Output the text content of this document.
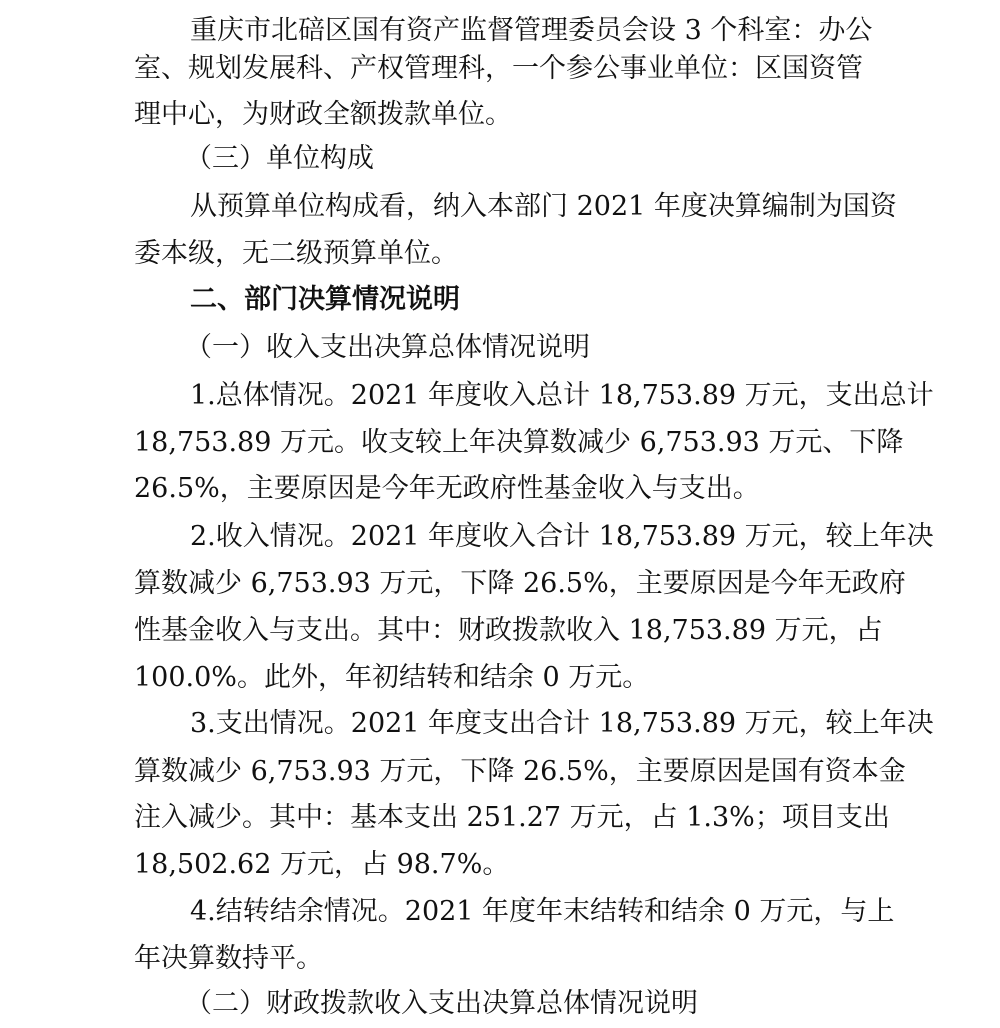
重庆市北碚区国有资产监督管理委员会设 3 个科室：办公
室、规划发展科、产权管理科，一个参公事业单位：区国资管
理中心，为财政全额拨款单位。
（三）单位构成
从预算单位构成看，纳入本部门 2021 年度决算编制为国资
委本级，无二级预算单位。
二、部门决算情况说明
（一）收入支出决算总体情况说明
1.总体情况。2021 年度收入总计 18,753.89 万元，支出总计
18,753.89 万元。收支较上年决算数减少 6,753.93 万元、下降
26.5%，主要原因是今年无政府性基金收入与支出。
2.收入情况。2021 年度收入合计 18,753.89 万元，较上年决
算数减少 6,753.93 万元，下降 26.5%，主要原因是今年无政府
性基金收入与支出。其中：财政拨款收入 18,753.89 万元，占
100.0%。此外，年初结转和结余 0 万元。
3.支出情况。2021 年度支出合计 18,753.89 万元，较上年决
算数减少 6,753.93 万元，下降 26.5%，主要原因是国有资本金
注入减少。其中：基本支出 251.27 万元，占 1.3%；项目支出
18,502.62 万元，占 98.7%。
4.结转结余情况。2021 年度年末结转和结余 0 万元，与上
年决算数持平。
（二）财政拨款收入支出决算总体情况说明
